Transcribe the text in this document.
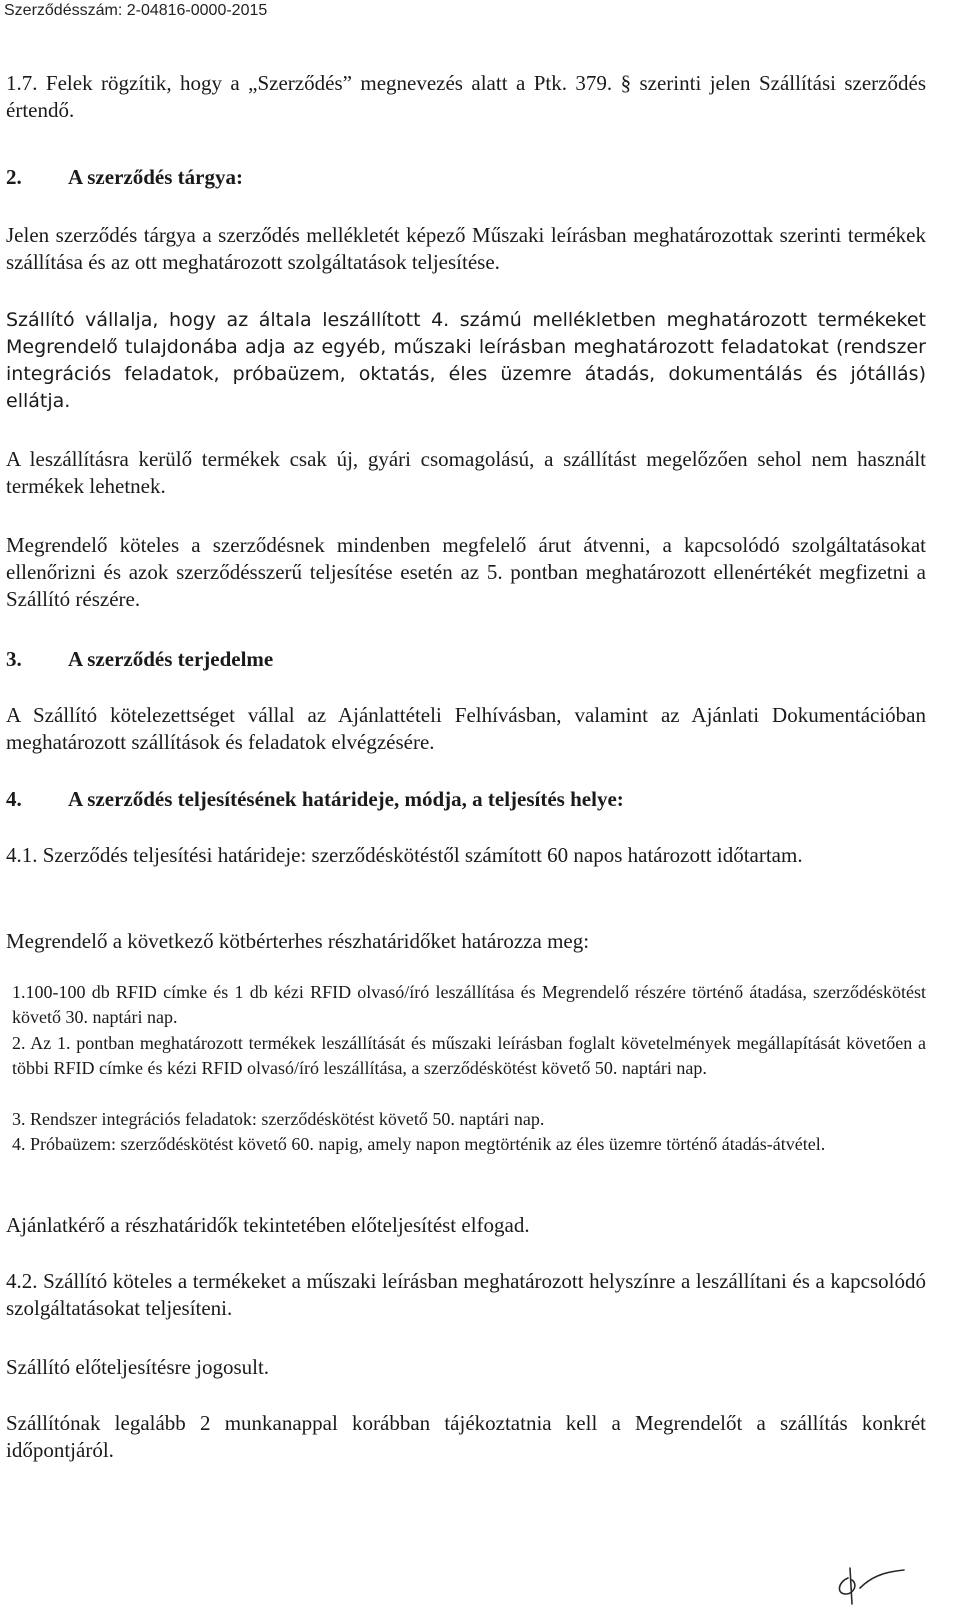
Szerződésszám: 2-04816-0000-2015

1.7. Felek rögzítik, hogy a „Szerződés” megnevezés alatt a Ptk. 379. § szerinti jelen Szállítási szerződés értendő.

2. A szerződés tárgya:

Jelen szerződés tárgya a szerződés mellékletét képező Műszaki leírásban meghatározottak szerinti termékek szállítása és az ott meghatározott szolgáltatások teljesítése.

Szállító vállalja, hogy az általa leszállított 4. számú mellékletben meghatározott termékeket Megrendelő tulajdonába adja az egyéb, műszaki leírásban meghatározott feladatokat (rendszer integrációs feladatok, próbaüzem, oktatás, éles üzemre átadás, dokumentálás és jótállás) ellátja.

A leszállításra kerülő termékek csak új, gyári csomagolású, a szállítást megelőzően sehol nem használt termékek lehetnek.

Megrendelő köteles a szerződésnek mindenben megfelelő árut átvenni, a kapcsolódó szolgáltatásokat ellenőrizni és azok szerződésszerű teljesítése esetén az 5. pontban meghatározott ellenértékét megfizetni a Szállító részére.

3. A szerződés terjedelme

A Szállító kötelezettséget vállal az Ajánlattételi Felhívásban, valamint az Ajánlati Dokumentációban meghatározott szállítások és feladatok elvégzésére.

4. A szerződés teljesítésének határideje, módja, a teljesítés helye:

4.1. Szerződés teljesítési határideje: szerződéskötéstől számított 60 napos határozott időtartam.

Megrendelő a következő kötbérterhes részhatáridőket határozza meg:

1.100-100 db RFID címke és 1 db kézi RFID olvasó/író leszállítása és Megrendelő részére történő átadása, szerződéskötést követő 30. naptári nap.

2. Az 1. pontban meghatározott termékek leszállítását és műszaki leírásban foglalt követelmények megállapítását követően a többi RFID címke és kézi RFID olvasó/író leszállítása, a szerződéskötést követő 50. naptári nap.

3. Rendszer integrációs feladatok: szerződéskötést követő 50. naptári nap.

4. Próbaüzem: szerződéskötést követő 60. napig, amely napon megtörténik az éles üzemre történő átadás-átvétel.

Ajánlatkérő a részhatáridők tekintetében előteljesítést elfogad.

4.2. Szállító köteles a termékeket a műszaki leírásban meghatározott helyszínre a leszállítani és a kapcsolódó szolgáltatásokat teljesíteni.

Szállító előteljesítésre jogosult.

Szállítónak legalább 2 munkanappal korábban tájékoztatnia kell a Megrendelőt a szállítás konkrét időpontjáról.
